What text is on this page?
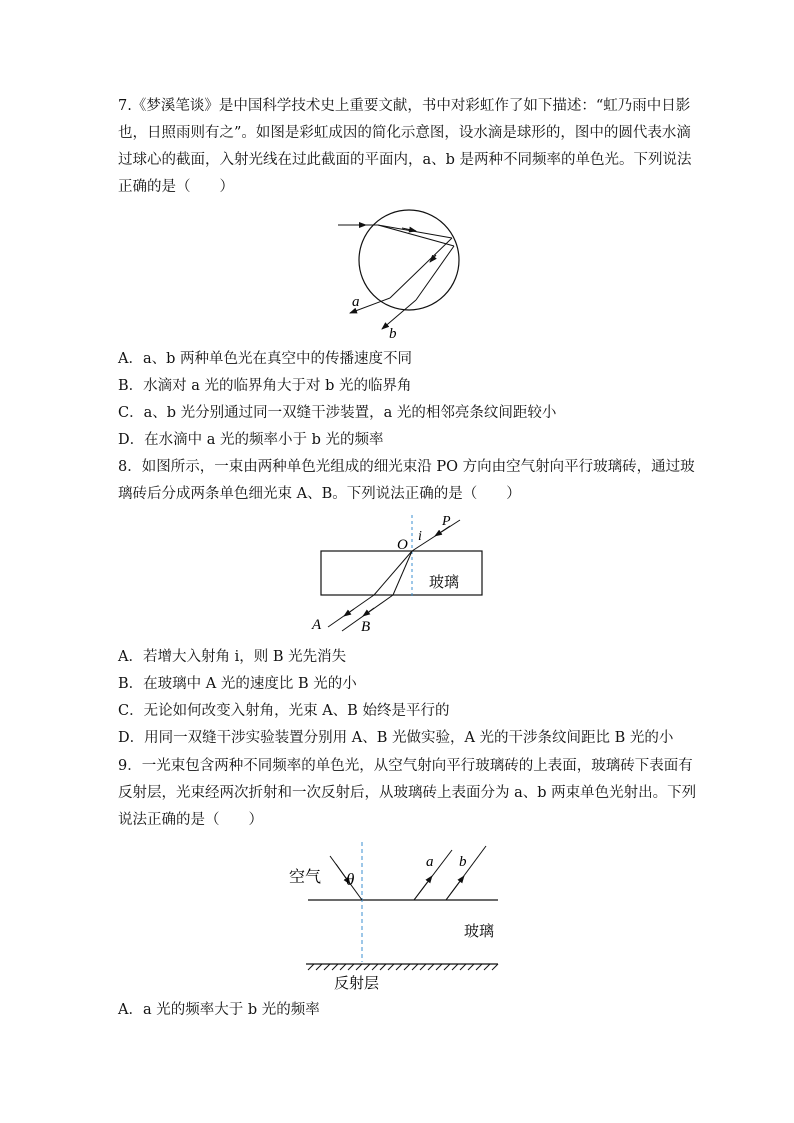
7.《梦溪笔谈》是中国科学技术史上重要文献，书中对彩虹作了如下描述：“虹乃雨中日影
也，日照雨则有之”。如图是彩虹成因的简化示意图，设水滴是球形的，图中的圆代表水滴
过球心的截面，入射光线在过此截面的平面内，a、b 是两种不同频率的单色光。下列说法
正确的是（　　）
a
b
A．a、b 两种单色光在真空中的传播速度不同
B．水滴对 a 光的临界角大于对 b 光的临界角
C．a、b 光分别通过同一双缝干涉装置，a 光的相邻亮条纹间距较小
D．在水滴中 a 光的频率小于 b 光的频率
8．如图所示，一束由两种单色光组成的细光束沿 PO 方向由空气射向平行玻璃砖，通过玻
璃砖后分成两条单色细光束 A、B。下列说法正确的是（　　）
P
i
O
玻璃
A	B
A．若增大入射角 i，则 B 光先消失
B．在玻璃中 A 光的速度比 B 光的小
C．无论如何改变入射角，光束 A、B 始终是平行的
D．用同一双缝干涉实验装置分别用 A、B 光做实验，A 光的干涉条纹间距比 B 光的小
9．一光束包含两种不同频率的单色光，从空气射向平行玻璃砖的上表面，玻璃砖下表面有
反射层，光束经两次折射和一次反射后，从玻璃砖上表面分为 a、b 两束单色光射出。下列
说法正确的是（　　）
空气 θ
a b
玻璃
反射层
A．a 光的频率大于 b 光的频率
